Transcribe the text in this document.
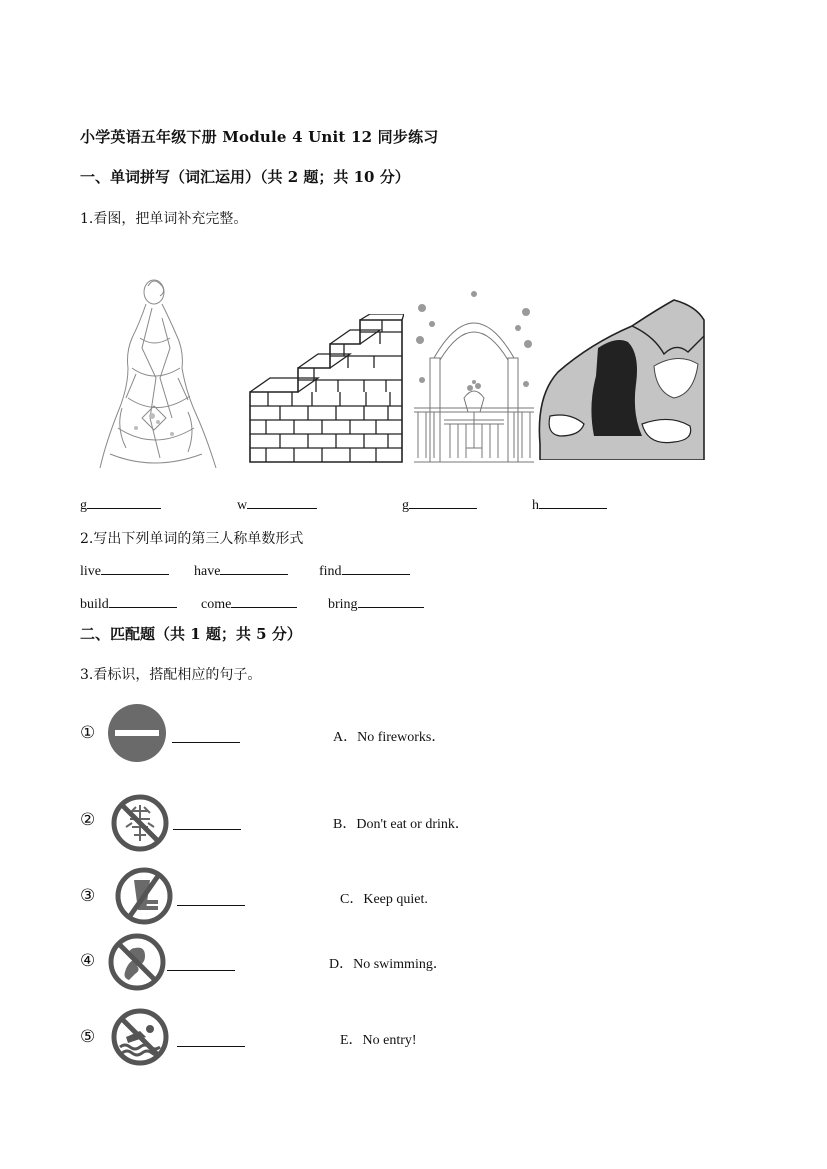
小学英语五年级下册 Module 4 Unit 12 同步练习
一、单词拼写（词汇运用）（共 2 题；共 10 分）
1.看图，把单词补充完整。
g	w	g	h
2.写出下列单词的第三人称单数形式
live	have	find
build	come	bring
二、匹配题（共 1 题；共 5 分）
3.看标识，搭配相应的句子。
①	A．No fireworks．
②	B．Don't eat or drink．
③	C．Keep quiet.
④	D．No swimming．
⑤	E．No entry!
